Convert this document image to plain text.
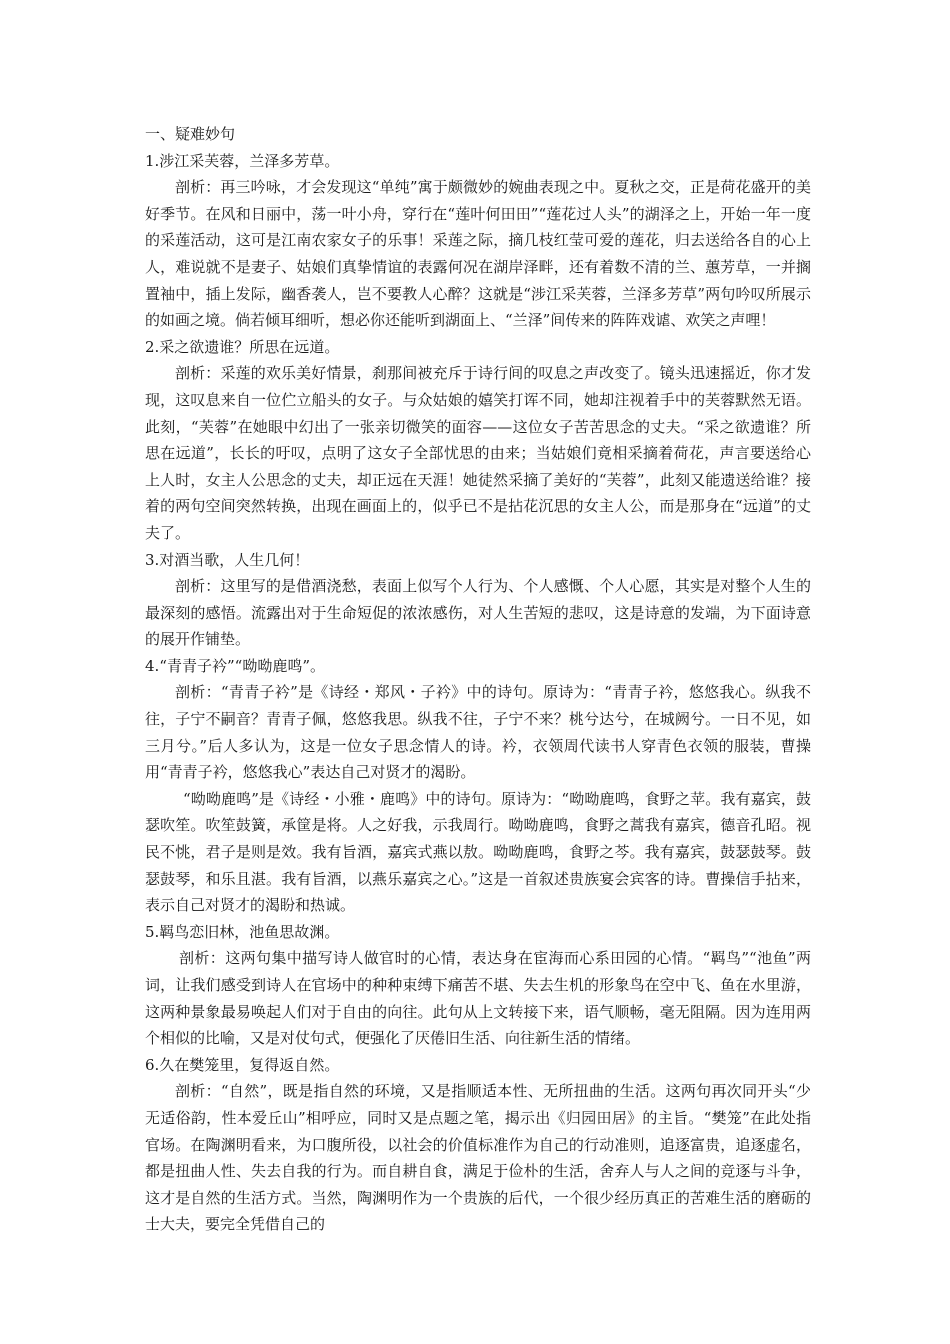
一、疑难妙句

1.涉江采芙蓉，兰泽多芳草。

剖析：再三吟咏，才会发现这“单纯”寓于颇微妙的婉曲表现之中。夏秋之交，正是荷花盛开的美好季节。在风和日丽中，荡一叶小舟，穿行在“莲叶何田田”“莲花过人头”的湖泽之上，开始一年一度的采莲活动，这可是江南农家女子的乐事！采莲之际，摘几枝红莹可爱的莲花，归去送给各自的心上人，难说就不是妻子、姑娘们真挚情谊的表露何况在湖岸泽畔，还有着数不清的兰、蕙芳草，一并搁置袖中，插上发际，幽香袭人，岂不要教人心醉？这就是“涉江采芙蓉，兰泽多芳草”两句吟叹所展示的如画之境。倘若倾耳细听，想必你还能听到湖面上、“兰泽”间传来的阵阵戏谑、欢笑之声哩！

2.采之欲遗谁？所思在远道。

剖析：采莲的欢乐美好情景，刹那间被充斥于诗行间的叹息之声改变了。镜头迅速摇近，你才发现，这叹息来自一位伫立船头的女子。与众姑娘的嬉笑打诨不同，她却注视着手中的芙蓉默然无语。此刻，“芙蓉”在她眼中幻出了一张亲切微笑的面容——这位女子苦苦思念的丈夫。“采之欲遗谁？所思在远道”，长长的吁叹，点明了这女子全部忧思的由来；当姑娘们竟相采摘着荷花，声言要送给心上人时，女主人公思念的丈夫，却正远在天涯！她徒然采摘了美好的“芙蓉”，此刻又能遗送给谁？接着的两句空间突然转换，出现在画面上的，似乎已不是拈花沉思的女主人公，而是那身在“远道”的丈夫了。

3.对酒当歌，人生几何！

剖析：这里写的是借酒浇愁，表面上似写个人行为、个人感慨、个人心愿，其实是对整个人生的最深刻的感悟。流露出对于生命短促的浓浓感伤，对人生苦短的悲叹，这是诗意的发端，为下面诗意的展开作铺垫。

4.“青青子衿”“呦呦鹿鸣”。

剖析：“青青子衿”是《诗经・郑风・子衿》中的诗句。原诗为：“青青子衿，悠悠我心。纵我不往，子宁不嗣音？青青子佩，悠悠我思。纵我不往，子宁不来？桃兮达兮，在城阙兮。一日不见，如三月兮。”后人多认为，这是一位女子思念情人的诗。衿，衣领周代读书人穿青色衣领的服装，曹操用“青青子衿，悠悠我心”表达自己对贤才的渴盼。

“呦呦鹿鸣”是《诗经・小雅・鹿鸣》中的诗句。原诗为：“呦呦鹿鸣，食野之苹。我有嘉宾，鼓瑟吹笙。吹笙鼓簧，承筐是将。人之好我，示我周行。呦呦鹿鸣，食野之蒿我有嘉宾，德音孔昭。视民不恌，君子是则是效。我有旨酒，嘉宾式燕以敖。呦呦鹿鸣，食野之芩。我有嘉宾，鼓瑟鼓琴。鼓瑟鼓琴，和乐且湛。我有旨酒，以燕乐嘉宾之心。”这是一首叙述贵族宴会宾客的诗。曹操信手拈来，表示自己对贤才的渴盼和热诚。

5.羁鸟恋旧林，池鱼思故渊。

剖析：这两句集中描写诗人做官时的心情，表达身在宦海而心系田园的心情。“羁鸟”“池鱼”两词，让我们感受到诗人在官场中的种种束缚下痛苦不堪、失去生机的形象鸟在空中飞、鱼在水里游，这两种景象最易唤起人们对于自由的向往。此句从上文转接下来，语气顺畅，毫无阻隔。因为连用两个相似的比喻，又是对仗句式，便强化了厌倦旧生活、向往新生活的情绪。

6.久在樊笼里，复得返自然。

剖析：“自然”，既是指自然的环境，又是指顺适本性、无所扭曲的生活。这两句再次同开头“少无适俗韵，性本爱丘山”相呼应，同时又是点题之笔，揭示出《归园田居》的主旨。“樊笼”在此处指官场。在陶渊明看来，为口腹所役，以社会的价值标准作为自己的行动准则，追逐富贵，追逐虚名，都是扭曲人性、失去自我的行为。而自耕自食，满足于俭朴的生活，舍弃人与人之间的竞逐与斗争，这才是自然的生活方式。当然，陶渊明作为一个贵族的后代，一个很少经历真正的苦难生活的磨砺的士大夫，要完全凭借自己的
